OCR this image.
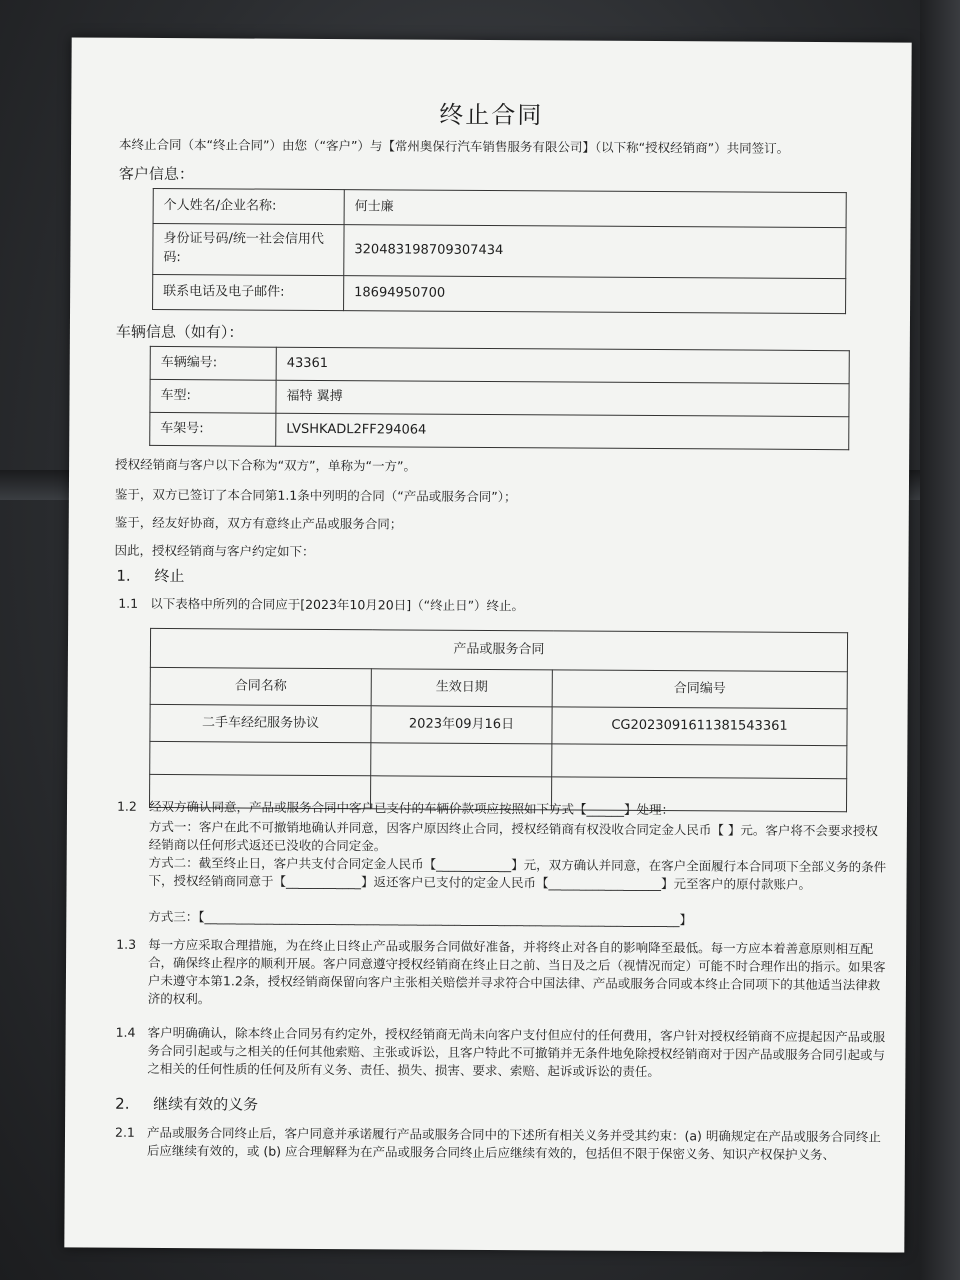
终止合同
本终止合同（本“终止合同”）由您（“客户”）与【常州奥保行汽车销售服务有限公司】（以下称“授权经销商”）共同签订。
客户信息：
个人姓名/企业名称:	何士廉
身份证号码/统一社会信用代码:	320483198709307434
联系电话及电子邮件:	18694950700
车辆信息（如有）：
车辆编号:	43361
车型:	福特 翼搏
车架号:	LVSHKADL2FF294064
授权经销商与客户以下合称为“双方”，单称为“一方”。
鉴于，双方已签订了本合同第1.1条中列明的合同（“产品或服务合同”）；
鉴于，经友好协商，双方有意终止产品或服务合同；
因此，授权经销商与客户约定如下：
1. 终止
1.1 以下表格中所列的合同应于[2023年10月20日]（“终止日”）终止。
产品或服务合同		
合同名称	生效日期	合同编号
二手车经纪服务协议	2023年09月16日	CG2023091611381543361

1.2 经双方确认同意，产品或服务合同中客户已支付的车辆价款项应按照如下方式【______】处理：
方式一：客户在此不可撤销地确认并同意，因客户原因终止合同，授权经销商有权没收合同定金人民币【 】元。客户将不会要求授权经销商以任何形式返还已没收的合同定金。
方式二：截至终止日，客户共支付合同定金人民币【____________】元，双方确认并同意，在客户全面履行本合同项下全部义务的条件下，授权经销商同意于【____________】返还客户已支付的定金人民币【__________________】元至客户的原付款账户。
方式三：【____________________________________________________________________________】
1.3 每一方应采取合理措施，为在终止日终止产品或服务合同做好准备，并将终止对各自的影响降至最低。每一方应本着善意原则相互配合，确保终止程序的顺利开展。客户同意遵守授权经销商在终止日之前、当日及之后（视情况而定）可能不时合理作出的指示。如果客户未遵守本第1.2条，授权经销商保留向客户主张相关赔偿并寻求符合中国法律、产品或服务合同或本终止合同项下的其他适当法律救济的权利。
1.4 客户明确确认，除本终止合同另有约定外，授权经销商无尚未向客户支付但应付的任何费用，客户针对授权经销商不应提起因产品或服务合同引起或与之相关的任何其他索赔、主张或诉讼，且客户特此不可撤销并无条件地免除授权经销商对于因产品或服务合同引起或与之相关的任何性质的任何及所有义务、责任、损失、损害、要求、索赔、起诉或诉讼的责任。
2. 继续有效的义务
2.1 产品或服务合同终止后，客户同意并承诺履行产品或服务合同中的下述所有相关义务并受其约束：(a) 明确规定在产品或服务合同终止后应继续有效的，或 (b) 应合理解释为在产品或服务合同终止后应继续有效的，包括但不限于保密义务、知识产权保护义务、
